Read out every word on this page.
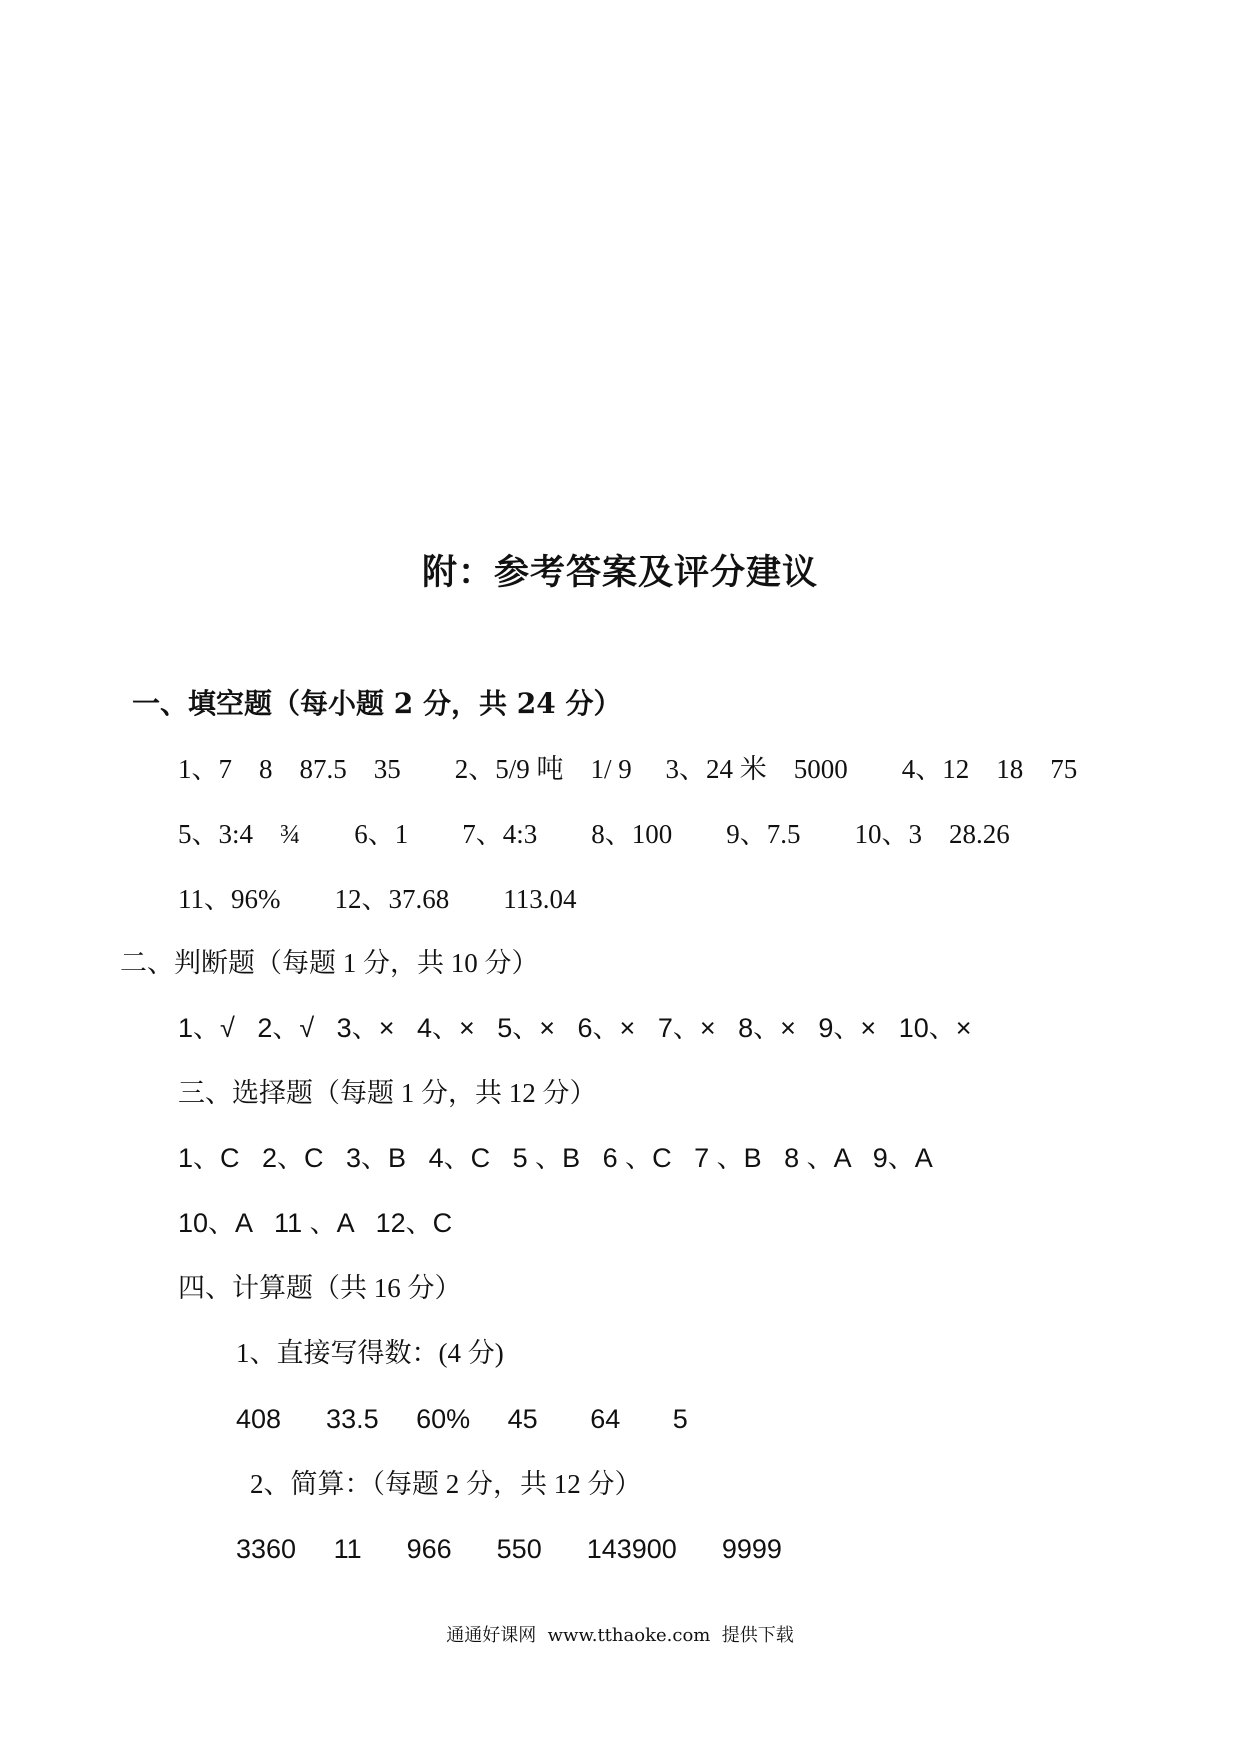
附：参考答案及评分建议
一、填空题（每小题 2 分，共 24 分）
1、7    8    87.5    35        2、5/9 吨    1/ 9     3、24 米    5000        4、12    18    75
5、3:4    ¾        6、1        7、4:3        8、100        9、7.5        10、3    28.26
11、96%        12、37.68        113.04
二、判断题（每题 1 分，共 10 分）
1、√   2、√   3、×   4、×   5、×   6、×   7、×   8、×   9、×   10、×
三、选择题（每题 1 分，共 12 分）
1、C   2、C   3、B   4、C   5 、B   6 、C   7 、B   8 、A   9、A
10、A   11 、A   12、C
四、计算题（共 16 分）
1、直接写得数：(4 分)
408      33.5     60%     45       64       5
2、简算：（每题 2 分，共 12 分）
3360     11      966      550      143900      9999
通通好课网  www.tthaoke.com  提供下载
